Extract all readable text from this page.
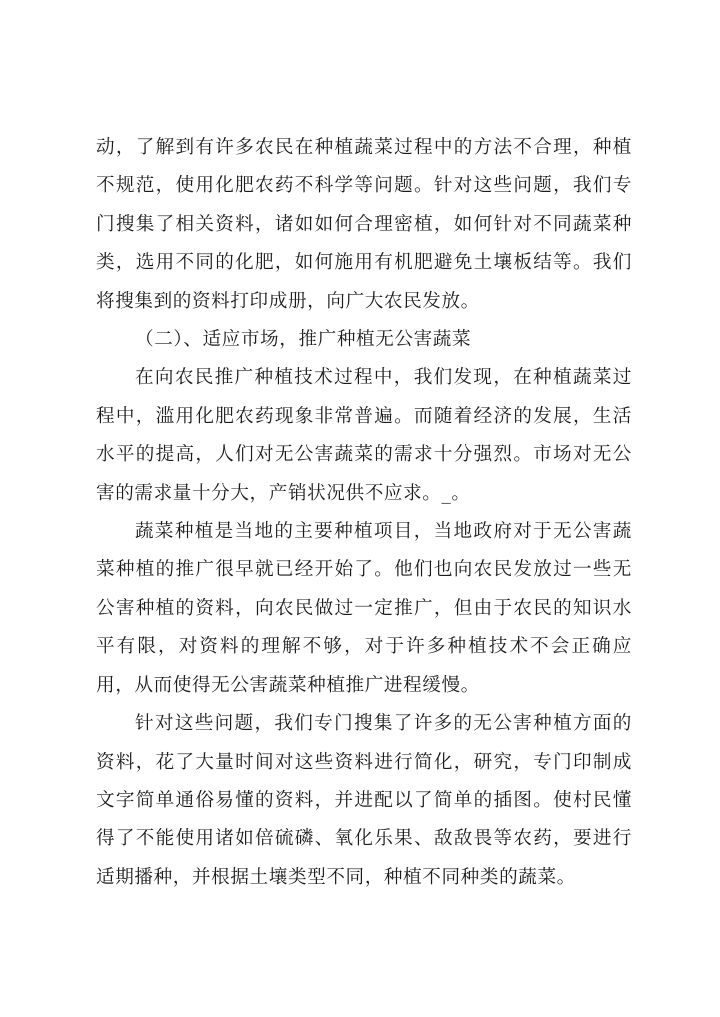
动，了解到有许多农民在种植蔬菜过程中的方法不合理，种植不规范，使用化肥农药不科学等问题。针对这些问题，我们专门搜集了相关资料，诸如如何合理密植，如何针对不同蔬菜种类，选用不同的化肥，如何施用有机肥避免土壤板结等。我们将搜集到的资料打印成册，向广大农民发放。

（二）、适应市场，推广种植无公害蔬菜

在向农民推广种植技术过程中，我们发现，在种植蔬菜过程中，滥用化肥农药现象非常普遍。而随着经济的发展，生活水平的提高，人们对无公害蔬菜的需求十分强烈。市场对无公害的需求量十分大，产销状况供不应求。_。

蔬菜种植是当地的主要种植项目，当地政府对于无公害蔬菜种植的推广很早就已经开始了。他们也向农民发放过一些无公害种植的资料，向农民做过一定推广，但由于农民的知识水平有限，对资料的理解不够，对于许多种植技术不会正确应用，从而使得无公害蔬菜种植推广进程缓慢。

针对这些问题，我们专门搜集了许多的无公害种植方面的资料，花了大量时间对这些资料进行简化，研究，专门印制成文字简单通俗易懂的资料，并进配以了简单的插图。使村民懂得了不能使用诸如倍硫磷、氧化乐果、敌敌畏等农药，要进行适期播种，并根据土壤类型不同，种植不同种类的蔬菜。
